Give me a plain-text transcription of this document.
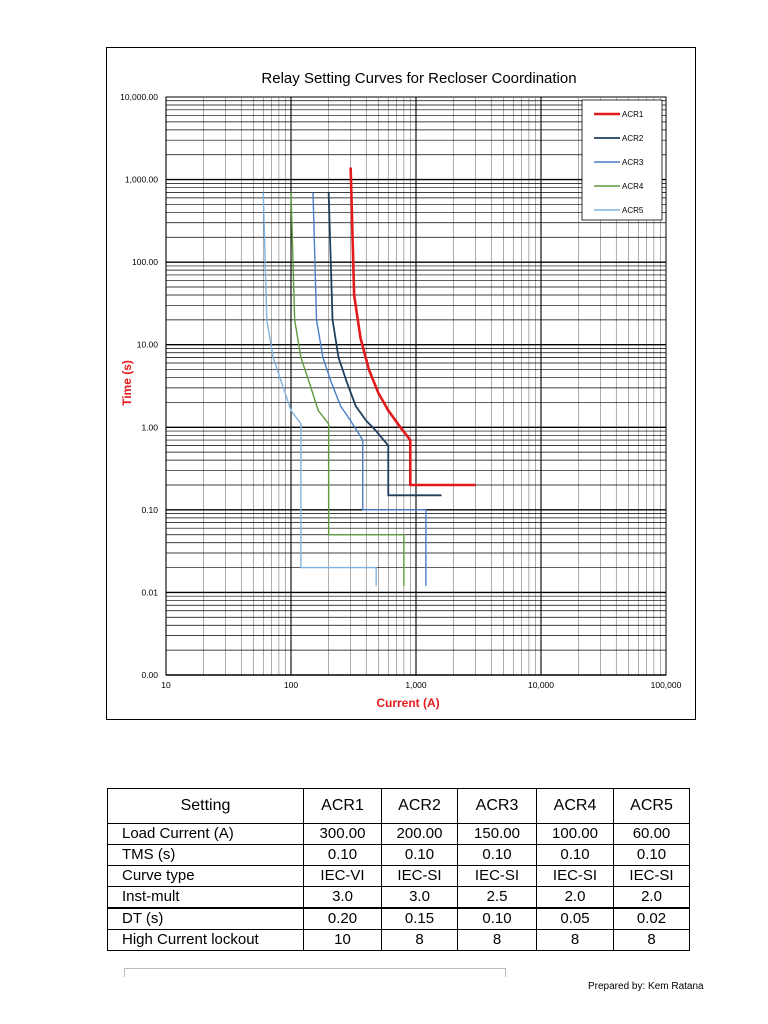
Relay Setting Curves for Recloser Coordination
10,000.00
1,000.00
100.00
10.00
1.00
0.10
0.01
0.00
10	100	1,000	10,000	100,000
Current (A)
Time (s)
ACR1
ACR2
ACR3
ACR4
ACR5
Setting	ACR1	ACR2	ACR3	ACR4	ACR5
Load Current (A)	300.00	200.00	150.00	100.00	60.00
TMS (s)	0.10	0.10	0.10	0.10	0.10
Curve type	IEC-VI	IEC-SI	IEC-SI	IEC-SI	IEC-SI
Inst-mult	3.0	3.0	2.5	2.0	2.0
DT (s)	0.20	0.15	0.10	0.05	0.02
High Current lockout	10	8	8	8	8
Prepared by: Kem Ratana
